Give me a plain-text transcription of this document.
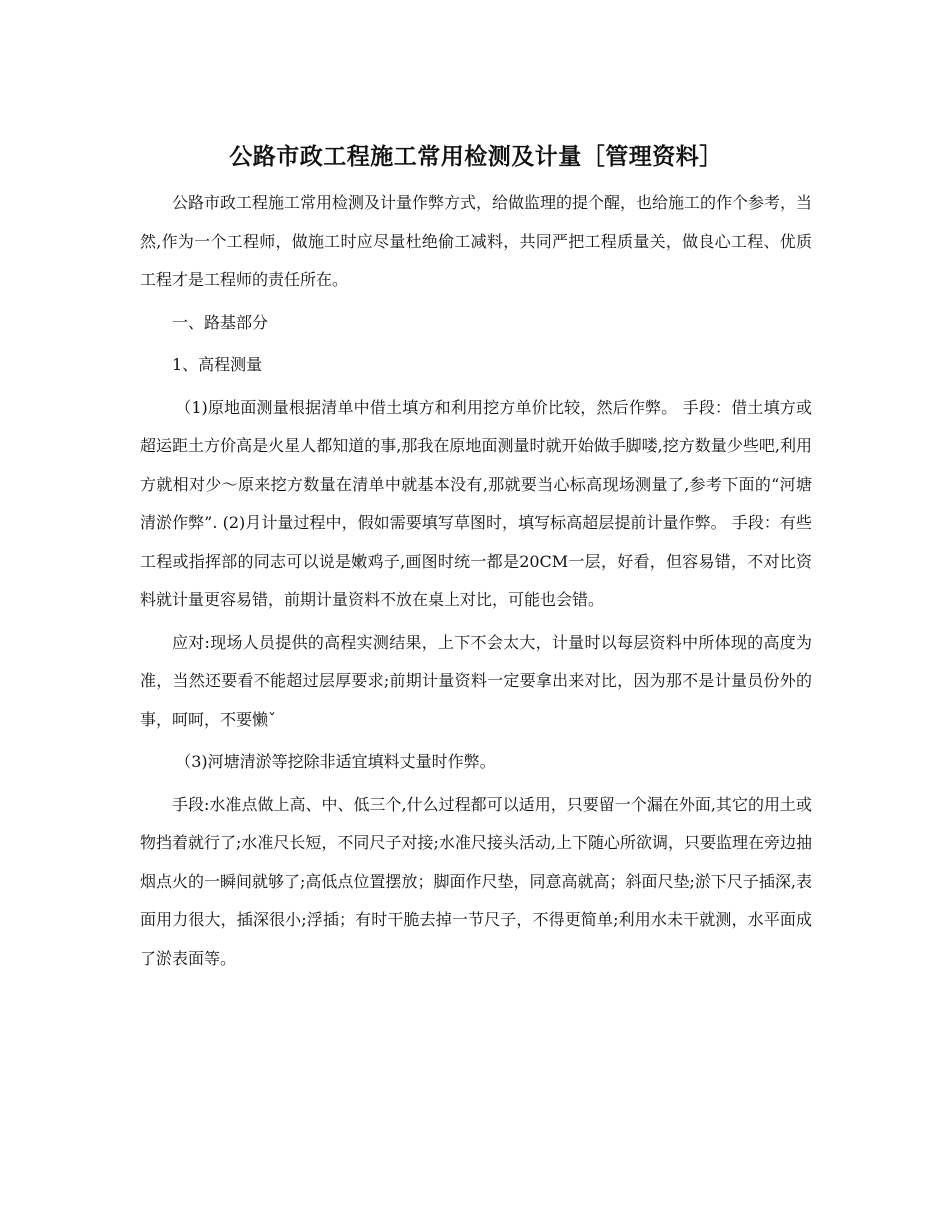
公路市政工程施工常用检测及计量［管理资料］

公路市政工程施工常用检测及计量作弊方式，给做监理的提个醒，也给施工的作个参考，当然,作为一个工程师，做施工时应尽量杜绝偷工减料，共同严把工程质量关，做良心工程、优质工程才是工程师的责任所在。

一、路基部分

1、高程测量

（1)原地面测量根据清单中借土填方和利用挖方单价比较，然后作弊。 手段：借土填方或超运距土方价高是火星人都知道的事,那我在原地面测量时就开始做手脚喽,挖方数量少些吧,利用方就相对少～原来挖方数量在清单中就基本没有,那就要当心标高现场测量了,参考下面的“河塘清淤作弊”. (2)月计量过程中，假如需要填写草图时，填写标高超层提前计量作弊。 手段：有些工程或指挥部的同志可以说是嫩鸡子,画图时统一都是20CM一层，好看，但容易错，不对比资料就计量更容易错，前期计量资料不放在桌上对比，可能也会错。

应对:现场人员提供的高程实测结果，上下不会太大，计量时以每层资料中所体现的高度为准，当然还要看不能超过层厚要求;前期计量资料一定要拿出来对比，因为那不是计量员份外的事，呵呵，不要懒ˇ

（3)河塘清淤等挖除非适宜填料丈量时作弊。

手段:水准点做上高、中、低三个,什么过程都可以适用，只要留一个漏在外面,其它的用土或物挡着就行了;水准尺长短，不同尺子对接;水准尺接头活动,上下随心所欲调，只要监理在旁边抽烟点火的一瞬间就够了;高低点位置摆放；脚面作尺垫，同意高就高；斜面尺垫;淤下尺子插深,表面用力很大，插深很小;浮插；有时干脆去掉一节尺子，不得更简单;利用水未干就测，水平面成了淤表面等。
